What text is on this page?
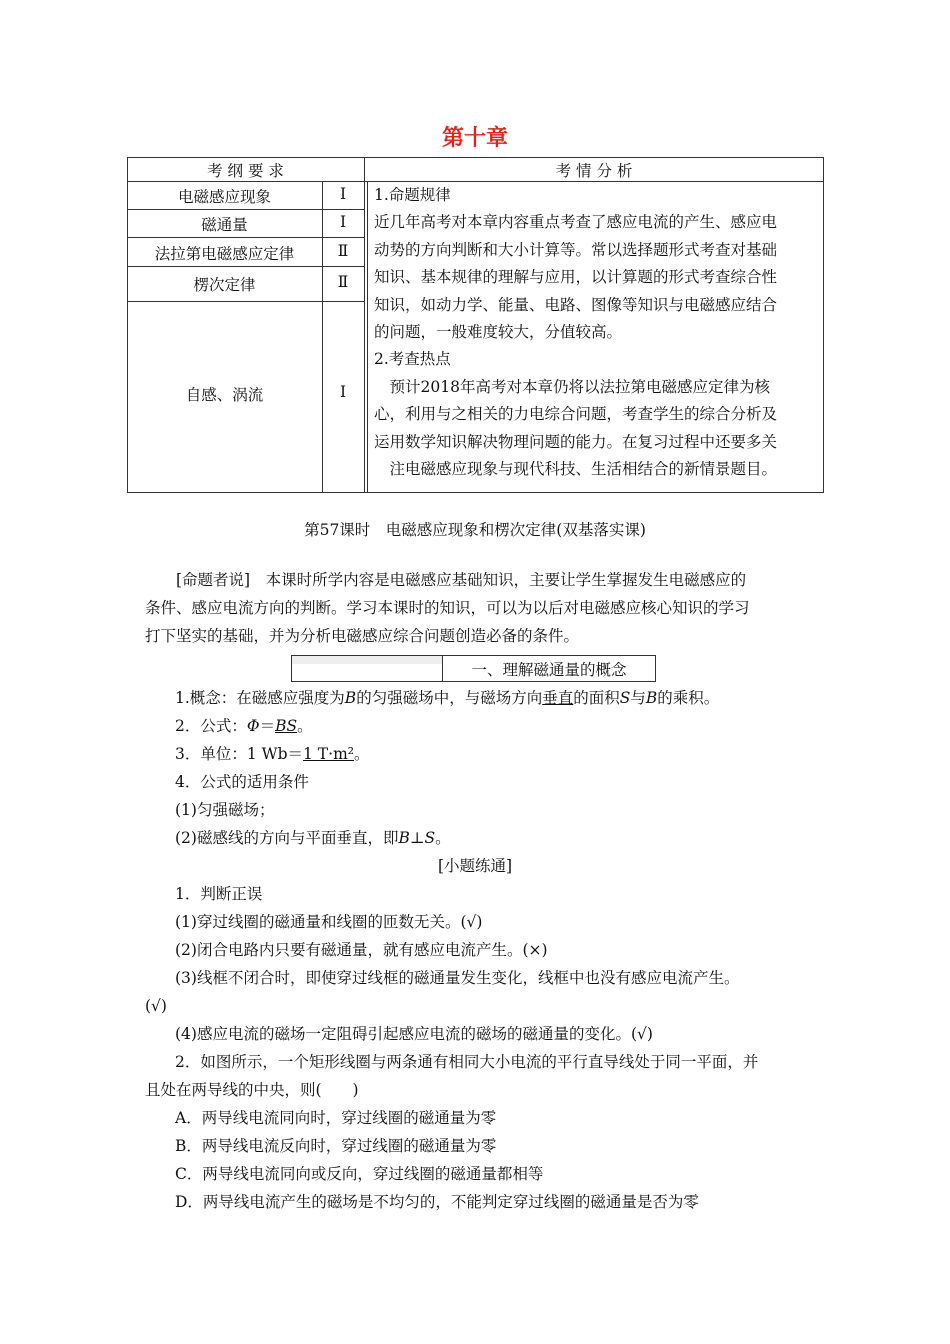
第十章
考 纲 要 求	考 情 分 析
电磁感应现象	Ⅰ
磁通量	Ⅰ
法拉第电磁感应定律	Ⅱ
楞次定律	Ⅱ
自感、涡流	Ⅰ
1.命题规律
近几年高考对本章内容重点考查了感应电流的产生、感应电
动势的方向判断和大小计算等。常以选择题形式考查对基础
知识、基本规律的理解与应用，以计算题的形式考查综合性
知识，如动力学、能量、电路、图像等知识与电磁感应结合
的问题，一般难度较大，分值较高。
2.考查热点
　预计2018年高考对本章仍将以法拉第电磁感应定律为核
心，利用与之相关的力电综合问题，考查学生的综合分析及
运用数学知识解决物理问题的能力。在复习过程中还要多关
　注电磁感应现象与现代科技、生活相结合的新情景题目。
第57课时　电磁感应现象和楞次定律(双基落实课)
　　[命题者说]　本课时所学内容是电磁感应基础知识，主要让学生掌握发生电磁感应的
条件、感应电流方向的判断。学习本课时的知识，可以为以后对电磁感应核心知识的学习
打下坚实的基础，并为分析电磁感应综合问题创造必备的条件。
一、理解磁通量的概念
1.概念：在磁感应强度为B的匀强磁场中，与磁场方向垂直的面积S与B的乘积。
2．公式：Φ＝BS。
3．单位：1 Wb＝1 T·m²。
4．公式的适用条件
(1)匀强磁场；
(2)磁感线的方向与平面垂直，即B⊥S。
[小题练通]
1．判断正误
(1)穿过线圈的磁通量和线圈的匝数无关。(√)
(2)闭合电路内只要有磁通量，就有感应电流产生。(×)
(3)线框不闭合时，即使穿过线框的磁通量发生变化，线框中也没有感应电流产生。
(√)
(4)感应电流的磁场一定阻碍引起感应电流的磁场的磁通量的变化。(√)
2．如图所示，一个矩形线圈与两条通有相同大小电流的平行直导线处于同一平面，并
且处在两导线的中央，则(　　)
A．两导线电流同向时，穿过线圈的磁通量为零
B．两导线电流反向时，穿过线圈的磁通量为零
C．两导线电流同向或反向，穿过线圈的磁通量都相等
D．两导线电流产生的磁场是不均匀的，不能判定穿过线圈的磁通量是否为零
